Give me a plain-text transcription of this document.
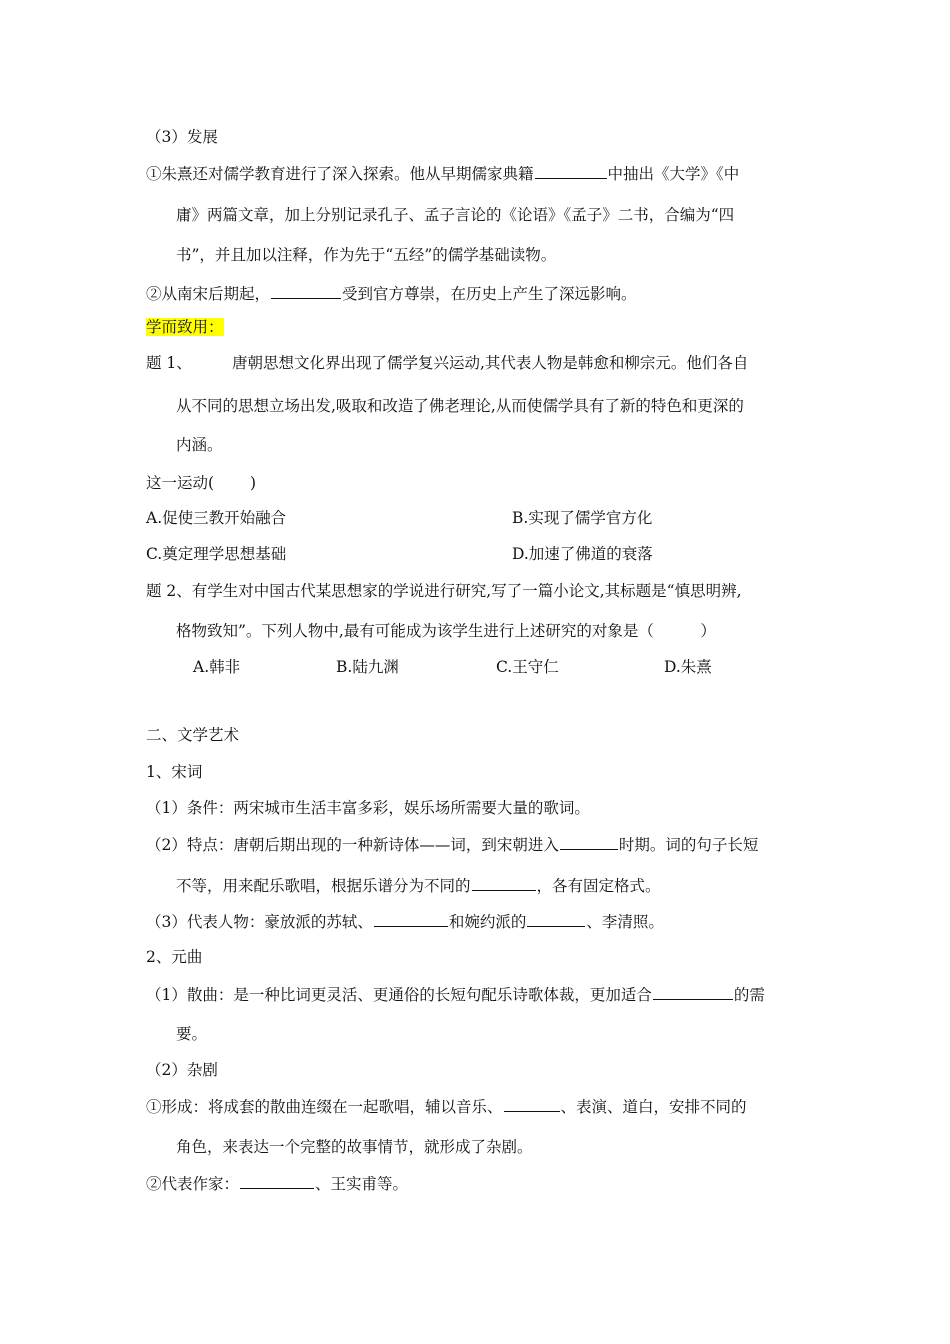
（3）发展
①朱熹还对儒学教育进行了深入探索。他从早期儒家典籍	中抽出《大学》《中
庸》两篇文章，加上分别记录孔子、孟子言论的《论语》《孟子》二书，合编为“四
书”，并且加以注释，作为先于“五经”的儒学基础读物。
②从南宋后期起，	受到官方尊崇，在历史上产生了深远影响。
学而致用：
题 1、	唐朝思想文化界出现了儒学复兴运动,其代表人物是韩愈和柳宗元。他们各自
从不同的思想立场出发,吸取和改造了佛老理论,从而使儒学具有了新的特色和更深的
内涵。
这一运动(　　 )
A.促使三教开始融合	B.实现了儒学官方化
C.奠定理学思想基础	D.加速了佛道的衰落
题 2、有学生对中国古代某思想家的学说进行研究,写了一篇小论文,其标题是“慎思明辨,
格物致知”。下列人物中,最有可能成为该学生进行上述研究的对象是（　　　）
A.韩非	B.陆九渊	C.王守仁	D.朱熹
二、文学艺术
1、宋词
（1）条件：两宋城市生活丰富多彩，娱乐场所需要大量的歌词。
（2）特点：唐朝后期出现的一种新诗体——词，到宋朝进入	时期。词的句子长短
不等，用来配乐歌唱，根据乐谱分为不同的	，各有固定格式。
（3）代表人物：豪放派的苏轼、	和婉约派的	、李清照。
2、元曲
（1）散曲：是一种比词更灵活、更通俗的长短句配乐诗歌体裁，更加适合	的需
要。
（2）杂剧
①形成：将成套的散曲连缀在一起歌唱，辅以音乐、	、表演、道白，安排不同的
角色，来表达一个完整的故事情节，就形成了杂剧。
②代表作家：	、王实甫等。
